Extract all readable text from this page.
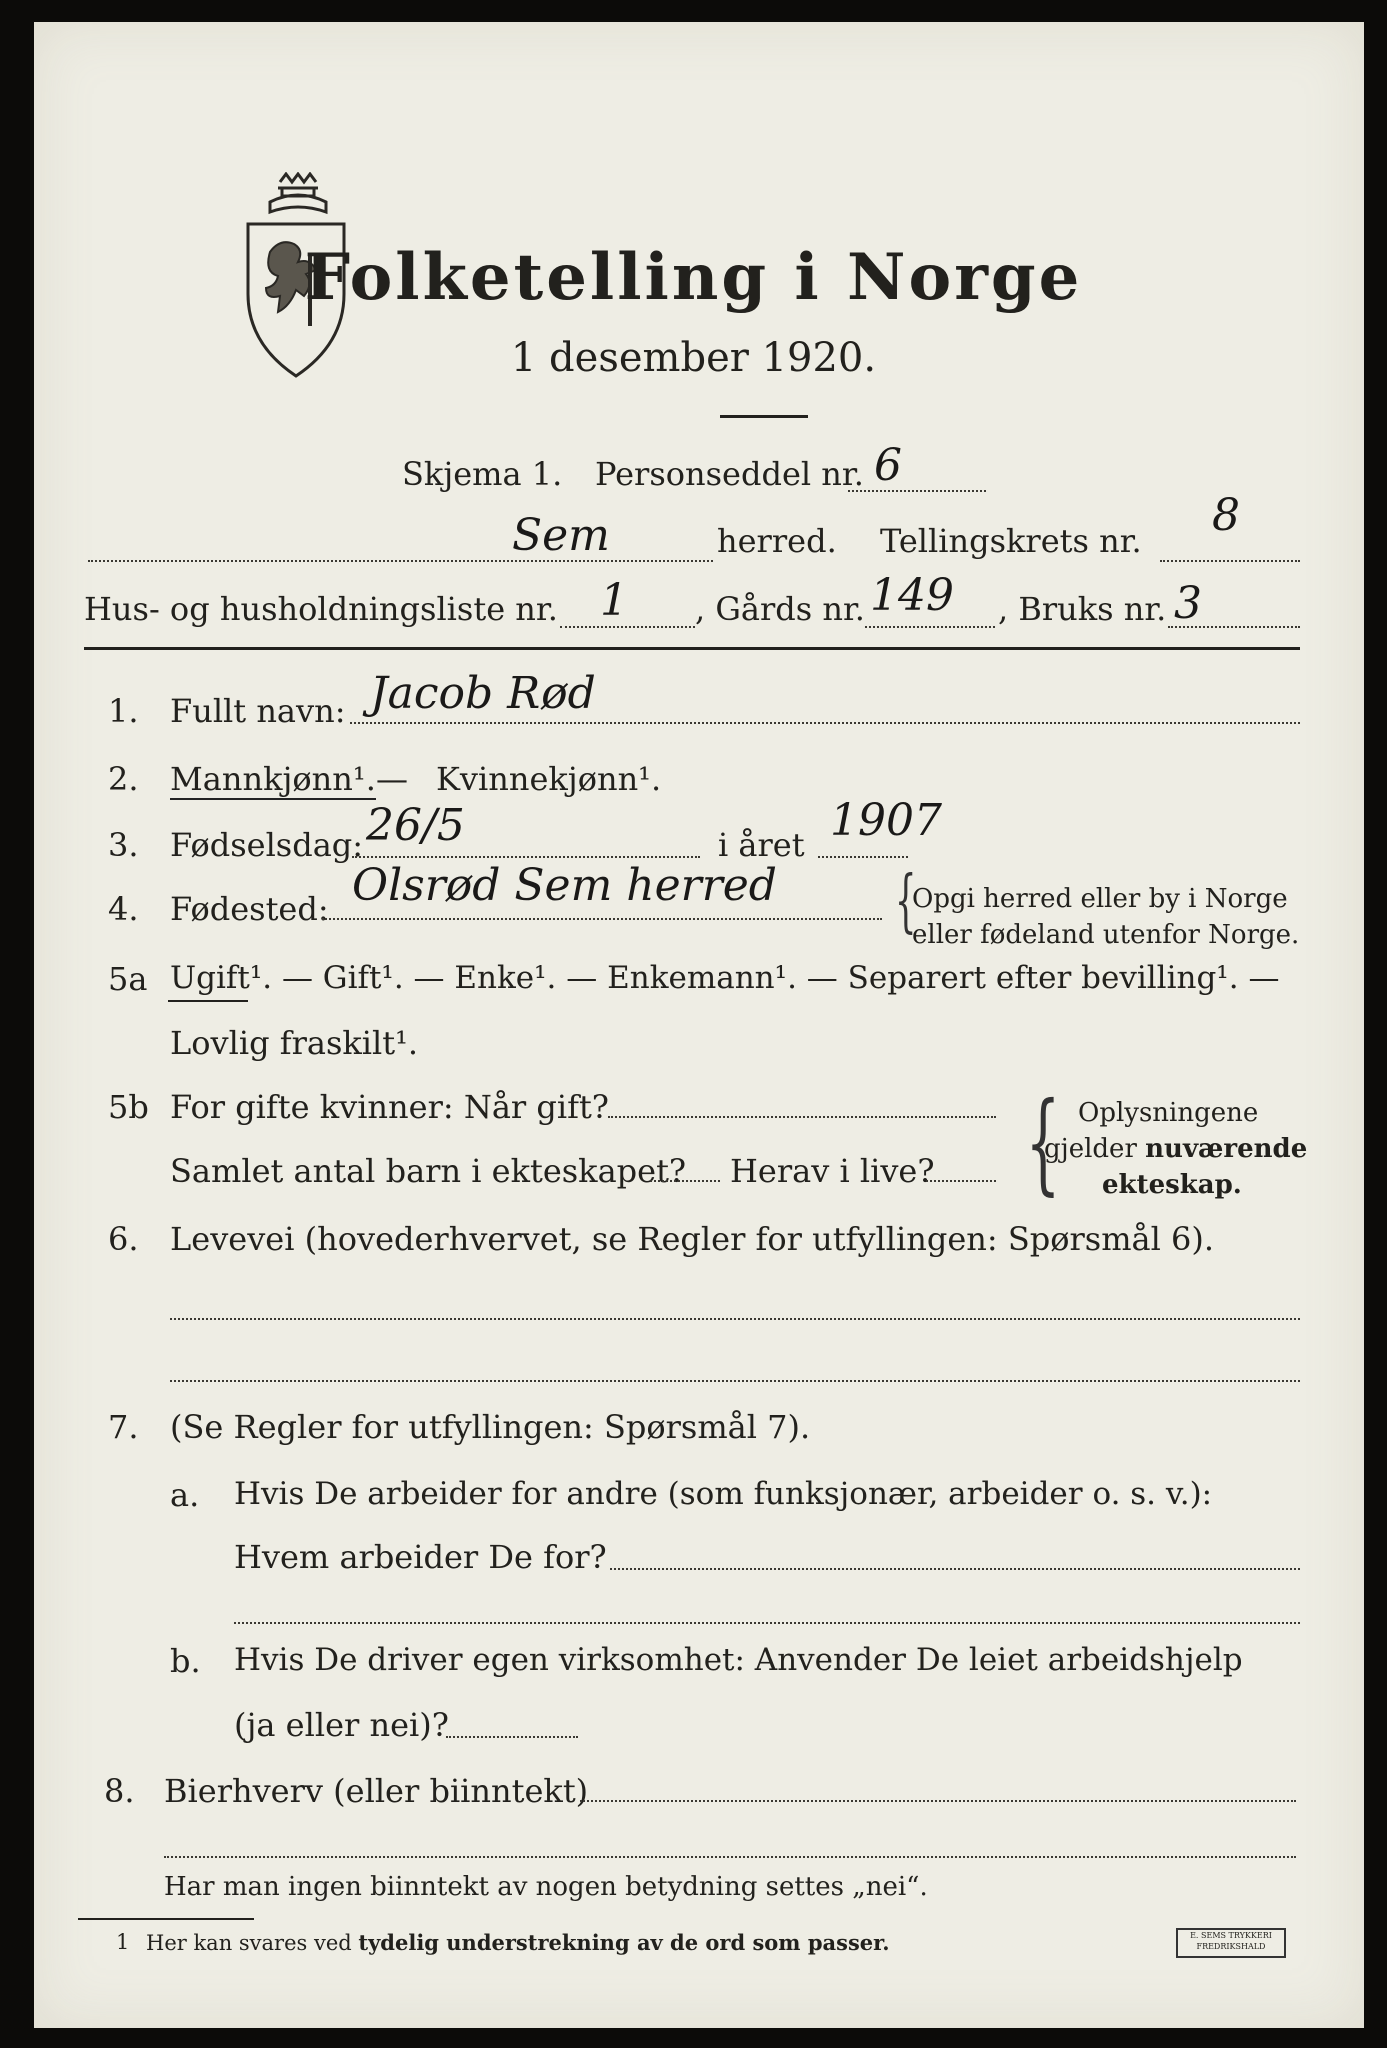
Folketelling i Norge
1 desember 1920.
Skjema 1. Personseddel nr. 6
Sem	herred. Tellingskrets nr. 8
Hus- og husholdningsliste nr. 1 , Gårds nr. 149 , Bruks nr. 3
1. Fullt navn: Jacob Rød
2. Mannkjønn¹. — Kvinnekjønn¹.
3. Fødselsdag: 26/5	i året 1907
4. Fødested: Olsrød Sem herred {
Opgi herred eller by i Norge
eller fødeland utenfor Norge.
5a Ugift¹. — Gift¹. — Enke¹. — Enkemann¹. — Separert efter bevilling¹. —
Lovlig fraskilt¹.
5b For gifte kvinner: Når gift?
Samlet antal barn i ekteskapet? Herav i live? { Oplysningene
gjelder nuværende
ekteskap.
6. Levevei (hovederhvervet, se Regler for utfyllingen: Spørsmål 6).
7. (Se Regler for utfyllingen: Spørsmål 7).
a. Hvis De arbeider for andre (som funksjonær, arbeider o. s. v.):
Hvem arbeider De for?
b. Hvis De driver egen virksomhet: Anvender De leiet arbeidshjelp
(ja eller nei)?
8. Bierhverv (eller biinntekt)
Har man ingen biinntekt av nogen betydning settes „nei“.
1 Her kan svares ved tydelig understrekning av de ord som passer.	E. SEMS TRYKKERI FREDRIKSHALD
